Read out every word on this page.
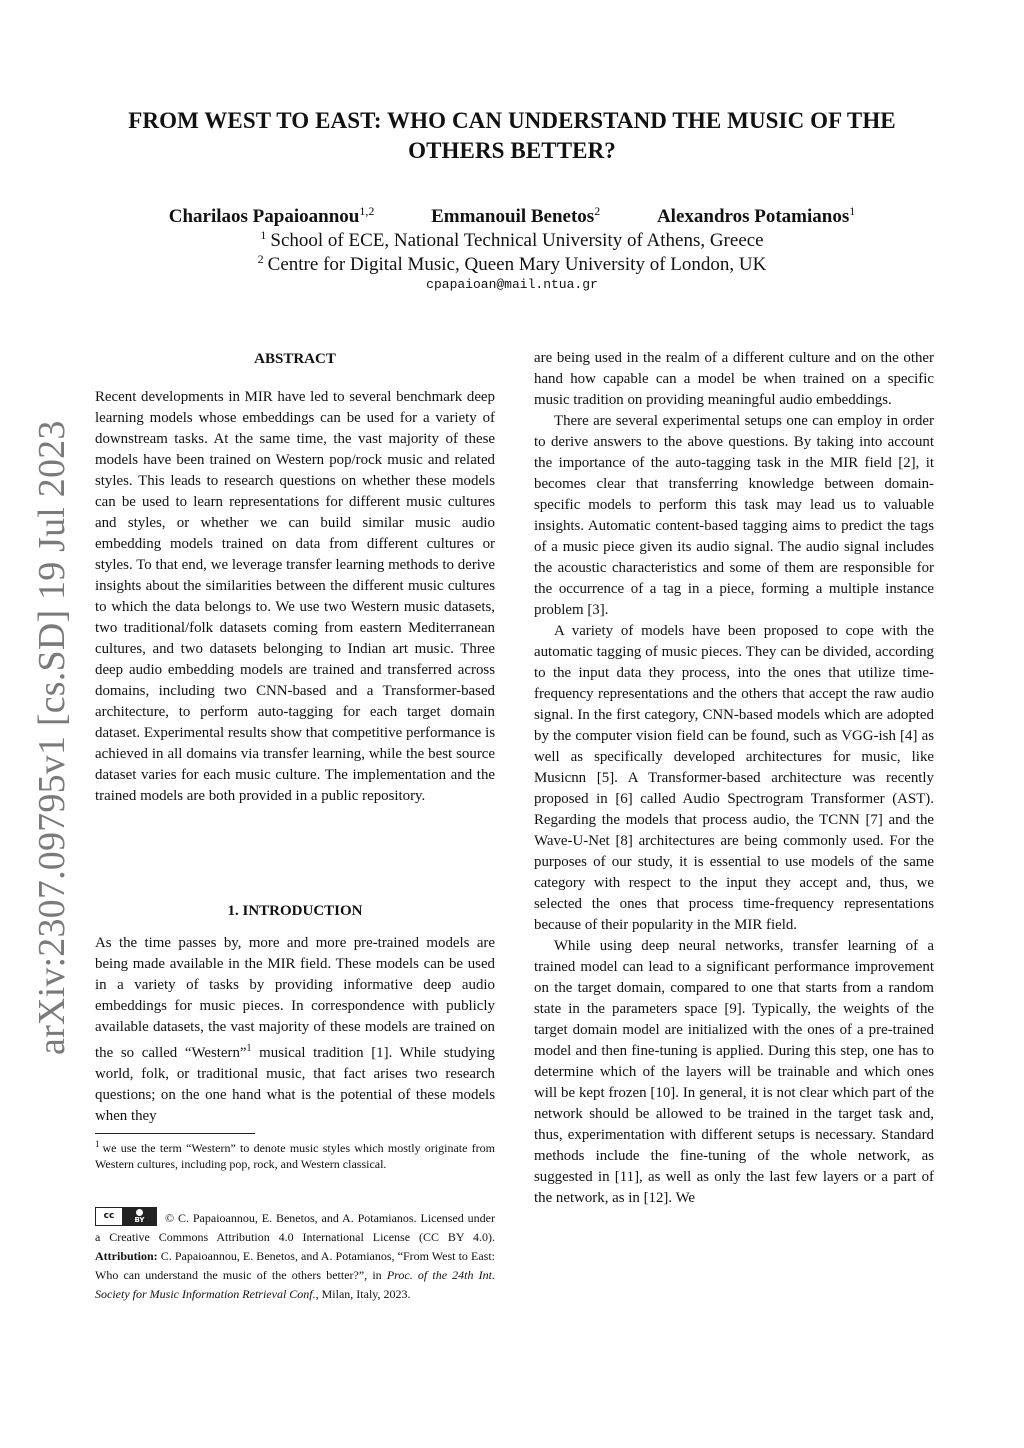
arXiv:2307.09795v1 [cs.SD] 19 Jul 2023
FROM WEST TO EAST: WHO CAN UNDERSTAND THE MUSIC OF THE OTHERS BETTER?
Charilaos Papaioannou$^{1,2}$	Emmanouil Benetos$^2$	Alexandros Potamianos$^1$
$^1$ School of ECE, National Technical University of Athens, Greece
$^2$ Centre for Digital Music, Queen Mary University of London, UK
cpapaioan@mail.ntua.gr
ABSTRACT

Recent developments in MIR have led to several benchmark deep learning models whose embeddings can be used for a variety of downstream tasks. At the same time, the vast majority of these models have been trained on Western pop/rock music and related styles. This leads to research questions on whether these models can be used to learn representations for different music cultures and styles, or whether we can build similar music audio embedding models trained on data from different cultures or styles. To that end, we leverage transfer learning methods to derive insights about the similarities between the different music cultures to which the data belongs to. We use two Western music datasets, two traditional/folk datasets coming from eastern Mediterranean cultures, and two datasets belonging to Indian art music. Three deep audio embedding models are trained and transferred across domains, including two CNN-based and a Transformer-based architecture, to perform auto-tagging for each target domain dataset. Experimental results show that competitive performance is achieved in all domains via transfer learning, while the best source dataset varies for each music culture. The implementation and the trained models are both provided in a public repository.

1. INTRODUCTION

As the time passes by, more and more pre-trained models are being made available in the MIR field. These models can be used in a variety of tasks by providing informative deep audio embeddings for music pieces. In correspondence with publicly available datasets, the vast majority of these models are trained on the so called “Western”$^1$ musical tradition [1]. While studying world, folk, or traditional music, that fact arises two research questions; on the one hand what is the potential of these models when they

$^1$ we use the term “Western” to denote music styles which mostly originate from Western cultures, including pop, rock, and Western classical.
cc	BY	© C. Papaioannou, E. Benetos, and A. Potamianos. Licensed under a Creative Commons Attribution 4.0 International License (CC BY 4.0). Attribution: C. Papaioannou, E. Benetos, and A. Potamianos, “From West to East: Who can understand the music of the others better?”, in Proc. of the 24th Int. Society for Music Information Retrieval Conf., Milan, Italy, 2023.

are being used in the realm of a different culture and on the other hand how capable can a model be when trained on a specific music tradition on providing meaningful audio embeddings.

There are several experimental setups one can employ in order to derive answers to the above questions. By taking into account the importance of the auto-tagging task in the MIR field [2], it becomes clear that transferring knowledge between domain-specific models to perform this task may lead us to valuable insights. Automatic content-based tagging aims to predict the tags of a music piece given its audio signal. The audio signal includes the acoustic characteristics and some of them are responsible for the occurrence of a tag in a piece, forming a multiple instance problem [3].

A variety of models have been proposed to cope with the automatic tagging of music pieces. They can be divided, according to the input data they process, into the ones that utilize time-frequency representations and the others that accept the raw audio signal. In the first category, CNN-based models which are adopted by the computer vision field can be found, such as VGG-ish [4] as well as specifically developed architectures for music, like Musicnn [5]. A Transformer-based architecture was recently proposed in [6] called Audio Spectrogram Transformer (AST). Regarding the models that process audio, the TCNN [7] and the Wave-U-Net [8] architectures are being commonly used. For the purposes of our study, it is essential to use models of the same category with respect to the input they accept and, thus, we selected the ones that process time-frequency representations because of their popularity in the MIR field.

While using deep neural networks, transfer learning of a trained model can lead to a significant performance improvement on the target domain, compared to one that starts from a random state in the parameters space [9]. Typically, the weights of the target domain model are initialized with the ones of a pre-trained model and then fine-tuning is applied. During this step, one has to determine which of the layers will be trainable and which ones will be kept frozen [10]. In general, it is not clear which part of the network should be allowed to be trained in the target task and, thus, experimentation with different setups is necessary. Standard methods include the fine-tuning of the whole network, as suggested in [11], as well as only the last few layers or a part of the network, as in [12]. We
